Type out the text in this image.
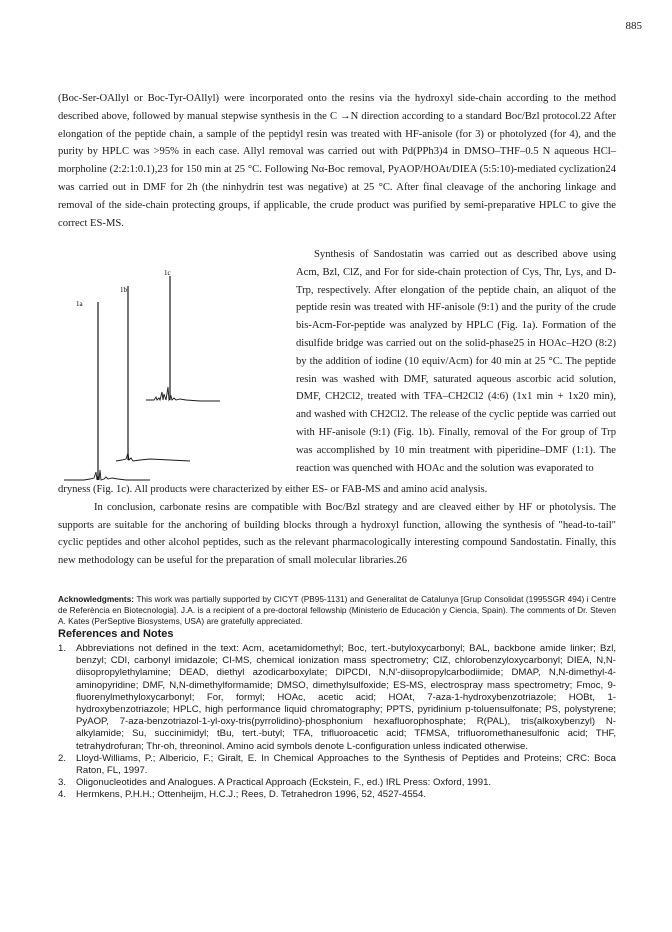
885

(Boc-Ser-OAllyl or Boc-Tyr-OAllyl) were incorporated onto the resins via the hydroxyl side-chain according to the method described above, followed by manual stepwise synthesis in the C →N direction according to a standard Boc/Bzl protocol.22 After elongation of the peptide chain, a sample of the peptidyl resin was treated with HF-anisole (for 3) or photolyzed (for 4), and the purity by HPLC was >95% in each case. Allyl removal was carried out with Pd(PPh3)4 in DMSO–THF–0.5 N aqueous HCl–morpholine (2:2:1:0.1),23 for 150 min at 25 °C. Following Nα-Boc removal, PyAOP/HOAt/DIEA (5:5:10)-mediated cyclization24 was carried out in DMF for 2h (the ninhydrin test was negative) at 25 °C. After final cleavage of the anchoring linkage and removal of the side-chain protecting groups, if applicable, the crude product was purified by semi-preparative HPLC to give the correct ES-MS.

1a
1b
1c

Synthesis of Sandostatin was carried out as described above using Acm, Bzl, ClZ, and For for side-chain protection of Cys, Thr, Lys, and D-Trp, respectively. After elongation of the peptide chain, an aliquot of the peptide resin was treated with HF-anisole (9:1) and the purity of the crude bis-Acm-For-peptide was analyzed by HPLC (Fig. 1a). Formation of the disulfide bridge was carried out on the solid-phase25 in HOAc–H2O (8:2) by the addition of iodine (10 equiv/Acm) for 40 min at 25 °C. The peptide resin was washed with DMF, saturated aqueous ascorbic acid solution, DMF, CH2Cl2, treated with TFA–CH2Cl2 (4:6) (1x1 min + 1x20 min), and washed with CH2Cl2. The release of the cyclic peptide was carried out with HF-anisole (9:1) (Fig. 1b). Finally, removal of the For group of Trp was accomplished by 10 min treatment with piperidine–DMF (1:1). The reaction was quenched with HOAc and the solution was evaporated to

dryness (Fig. 1c). All products were characterized by either ES- or FAB-MS and amino acid analysis.

In conclusion, carbonate resins are compatible with Boc/Bzl strategy and are cleaved either by HF or photolysis. The supports are suitable for the anchoring of building blocks through a hydroxyl function, allowing the synthesis of "head-to-tail" cyclic peptides and other alcohol peptides, such as the relevant pharmacologically interesting compound Sandostatin. Finally, this new methodology can be useful for the preparation of small molecular libraries.26

Acknowledgments: This work was partially supported by CICYT (PB95-1131) and Generalitat de Catalunya [Grup Consolidat (1995SGR 494) i Centre de Referència en Biotecnologia]. J.A. is a recipient of a pre-doctoral fellowship (Ministerio de Educación y Ciencia, Spain). The comments of Dr. Steven A. Kates (PerSeptive Biosystems, USA) are gratefully appreciated.
References and Notes
1.	Abbreviations not defined in the text: Acm, acetamidomethyl; Boc, tert.-butyloxycarbonyl; BAL, backbone amide linker; Bzl, benzyl; CDI, carbonyl imidazole; CI-MS, chemical ionization mass spectrometry; ClZ, chlorobenzyloxycarbonyl; DIEA, N,N-diisopropylethylamine; DEAD, diethyl azodicarboxylate; DIPCDI, N,N'-diisopropylcarbodiimide; DMAP, N,N-dimethyl-4-aminopyridine; DMF, N,N-dimethylformamide; DMSO, dimethylsulfoxide; ES-MS, electrospray mass spectrometry; Fmoc, 9-fluorenylmethyloxycarbonyl; For, formyl; HOAc, acetic acid; HOAt, 7-aza-1-hydroxybenzotriazole; HOBt, 1-hydroxybenzotriazole; HPLC, high performance liquid chromatography; PPTS, pyridinium p-toluensulfonate; PS, polystyrene; PyAOP, 7-aza-benzotriazol-1-yl-oxy-tris(pyrrolidino)-phosphonium hexafluorophosphate; R(PAL), tris(alkoxybenzyl) N-alkylamide; Su, succinimidyl; tBu, tert.-butyl; TFA, trifluoroacetic acid; TFMSA, trifluoromethanesulfonic acid; THF, tetrahydrofuran; Thr-oh, threoninol. Amino acid symbols denote L-configuration unless indicated otherwise.
2.	Lloyd-Williams, P.; Albericio, F.; Giralt, E. In Chemical Approaches to the Synthesis of Peptides and Proteins; CRC: Boca Raton, FL, 1997.
3.	Oligonucleotides and Analogues. A Practical Approach (Eckstein, F., ed.) IRL Press: Oxford, 1991.
4.	Hermkens, P.H.H.; Ottenheijm, H.C.J.; Rees, D. Tetrahedron 1996, 52, 4527-4554.
